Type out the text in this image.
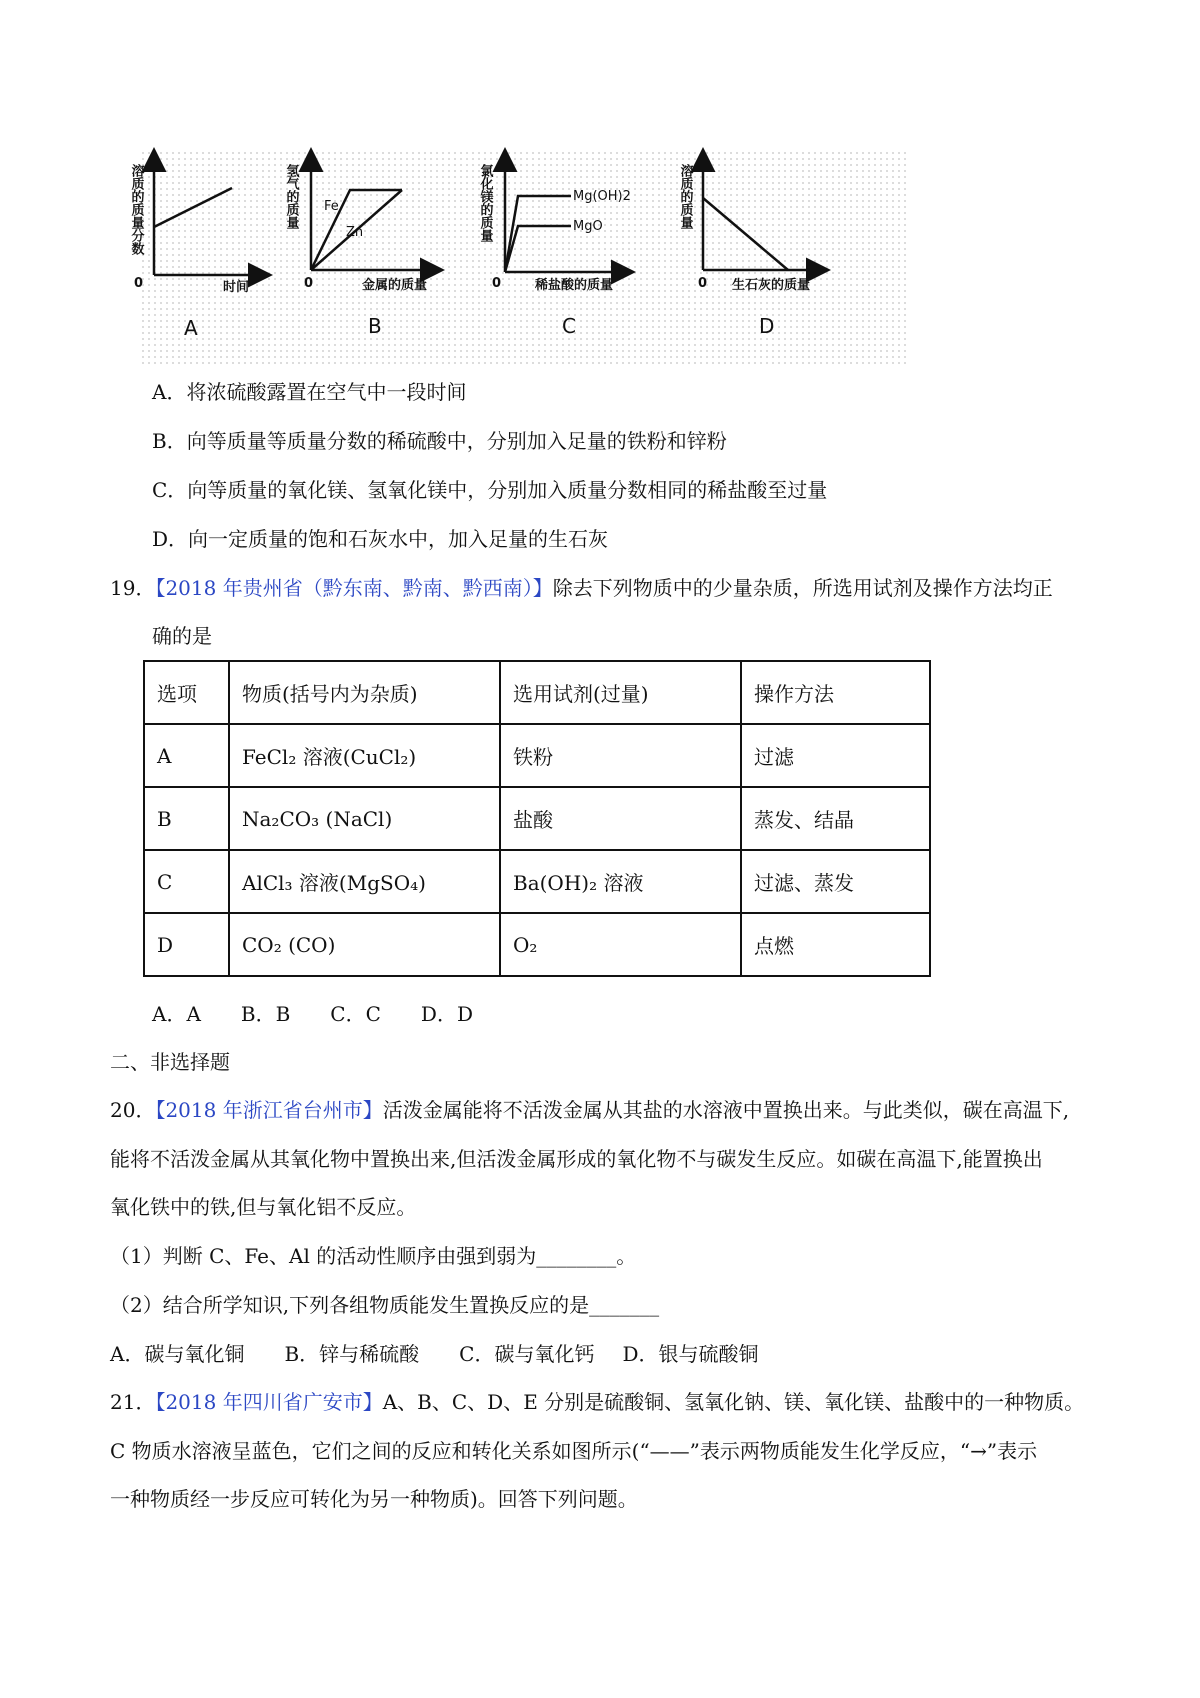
溶质的质量分数
0	时间
氢气的质量 Fe
Zn
0	金属的质量
氯化镁的质量	Mg(OH)2
MgO
0	稀盐酸的质量
溶质的质量
0 生石灰的质量
A	B	C	D
A．将浓硫酸露置在空气中一段时间
B．向等质量等质量分数的稀硫酸中，分别加入足量的铁粉和锌粉
C．向等质量的氧化镁、氢氧化镁中，分别加入质量分数相同的稀盐酸至过量
D．向一定质量的饱和石灰水中，加入足量的生石灰
19．【2018 年贵州省（黔东南、黔南、黔西南）】除去下列物质中的少量杂质，所选用试剂及操作方法均正
确的是
选项	物质(括号内为杂质)	选用试剂(过量)	操作方法
A	FeCl₂ 溶液(CuCl₂)	铁粉	过滤
B	Na₂CO₃ (NaCl)	盐酸	蒸发、结晶
C	AlCl₃ 溶液(MgSO₄)	Ba(OH)₂ 溶液	过滤、蒸发
D	CO₂ (CO)	O₂	点燃
A．A B．B C．C D．D
二、非选择题
20．【2018 年浙江省台州市】活泼金属能将不活泼金属从其盐的水溶液中置换出来。与此类似，碳在高温下,
能将不活泼金属从其氧化物中置换出来,但活泼金属形成的氧化物不与碳发生反应。如碳在高温下,能置换出
氧化铁中的铁,但与氧化铝不反应。
（1）判断 C、Fe、Al 的活动性顺序由强到弱为________。
（2）结合所学知识,下列各组物质能发生置换反应的是_______
A．碳与氧化铜 B．锌与稀硫酸 C．碳与氧化钙 D．银与硫酸铜
21．【2018 年四川省广安市】A、B、C、D、E 分别是硫酸铜、氢氧化钠、镁、氧化镁、盐酸中的一种物质。
C 物质水溶液呈蓝色，它们之间的反应和转化关系如图所示(“——”表示两物质能发生化学反应，“→”表示
一种物质经一步反应可转化为另一种物质)。回答下列问题。
